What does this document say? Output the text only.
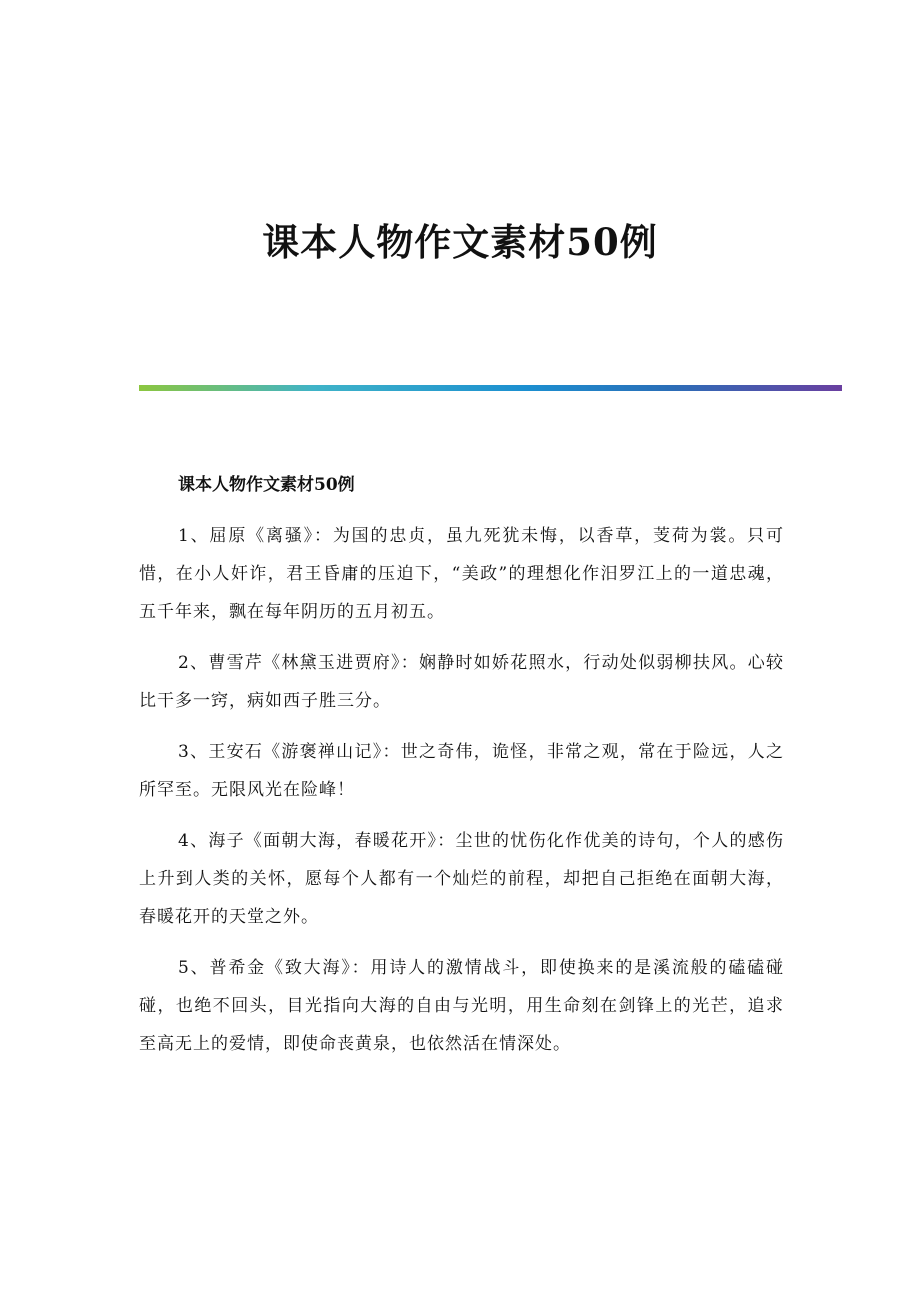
课本人物作文素材50例

课本人物作文素材50例

1、屈原《离骚》：为国的忠贞，虽九死犹未悔，以香草，芰荷为裳。只可惜，在小人奸诈，君王昏庸的压迫下，“美政”的理想化作汨罗江上的一道忠魂，五千年来，飘在每年阴历的五月初五。

2、曹雪芹《林黛玉进贾府》：娴静时如娇花照水，行动处似弱柳扶风。心较比干多一窍，病如西子胜三分。

3、王安石《游褒禅山记》：世之奇伟，诡怪，非常之观，常在于险远，人之所罕至。无限风光在险峰！

4、海子《面朝大海，春暖花开》：尘世的忧伤化作优美的诗句，个人的感伤上升到人类的关怀，愿每个人都有一个灿烂的前程，却把自己拒绝在面朝大海，春暖花开的天堂之外。

5、普希金《致大海》：用诗人的激情战斗，即使换来的是溪流般的磕磕碰碰，也绝不回头，目光指向大海的自由与光明，用生命刻在剑锋上的光芒，追求至高无上的爱情，即使命丧黄泉，也依然活在情深处。
